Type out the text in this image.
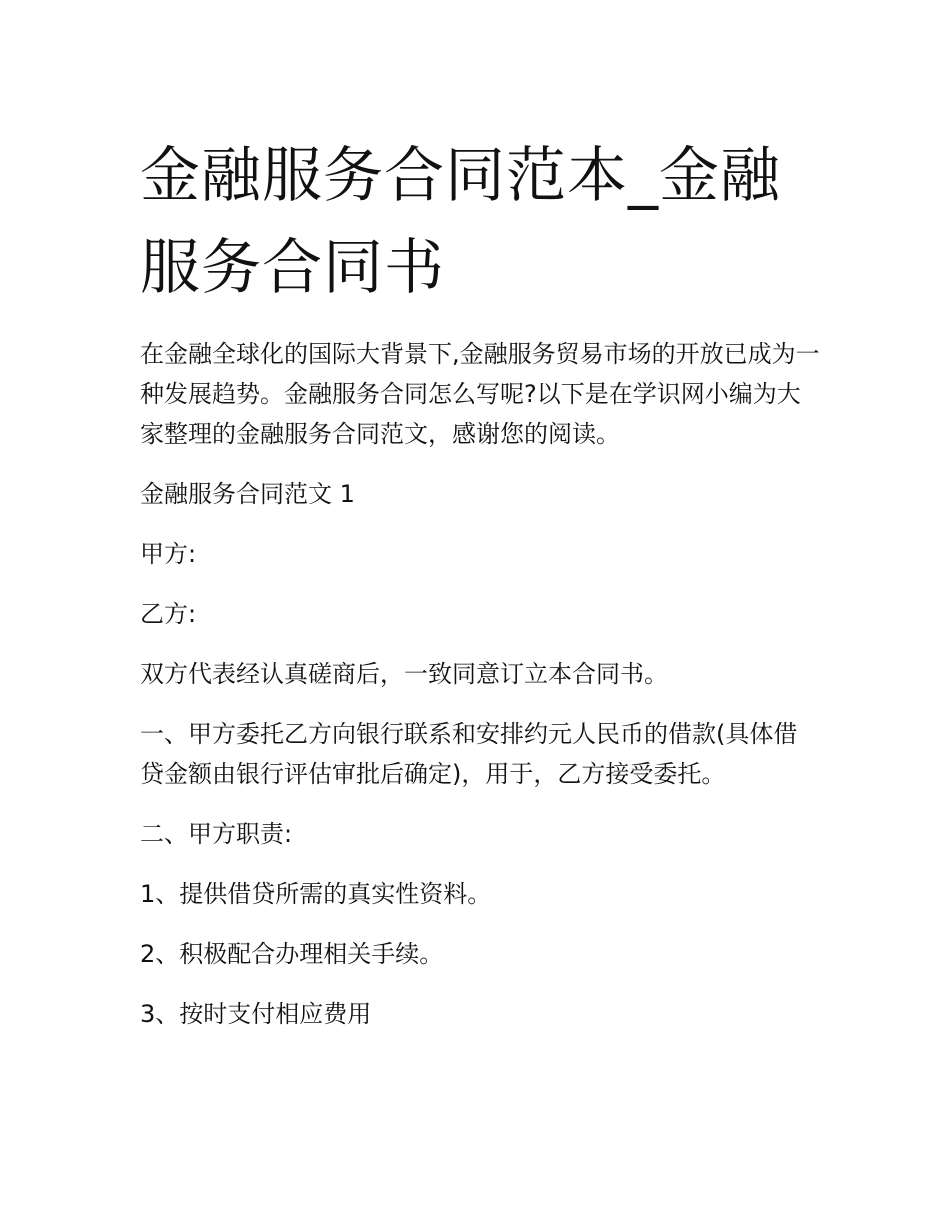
金融服务合同范本_金融服务合同书

在金融全球化的国际大背景下,金融服务贸易市场的开放已成为一种发展趋势。金融服务合同怎么写呢?以下是在学识网小编为大家整理的金融服务合同范文，感谢您的阅读。

金融服务合同范文 1

甲方:

乙方:

双方代表经认真磋商后，一致同意订立本合同书。

一、甲方委托乙方向银行联系和安排约元人民币的借款(具体借贷金额由银行评估审批后确定)，用于，乙方接受委托。

二、甲方职责:

1、提供借贷所需的真实性资料。

2、积极配合办理相关手续。

3、按时支付相应费用
